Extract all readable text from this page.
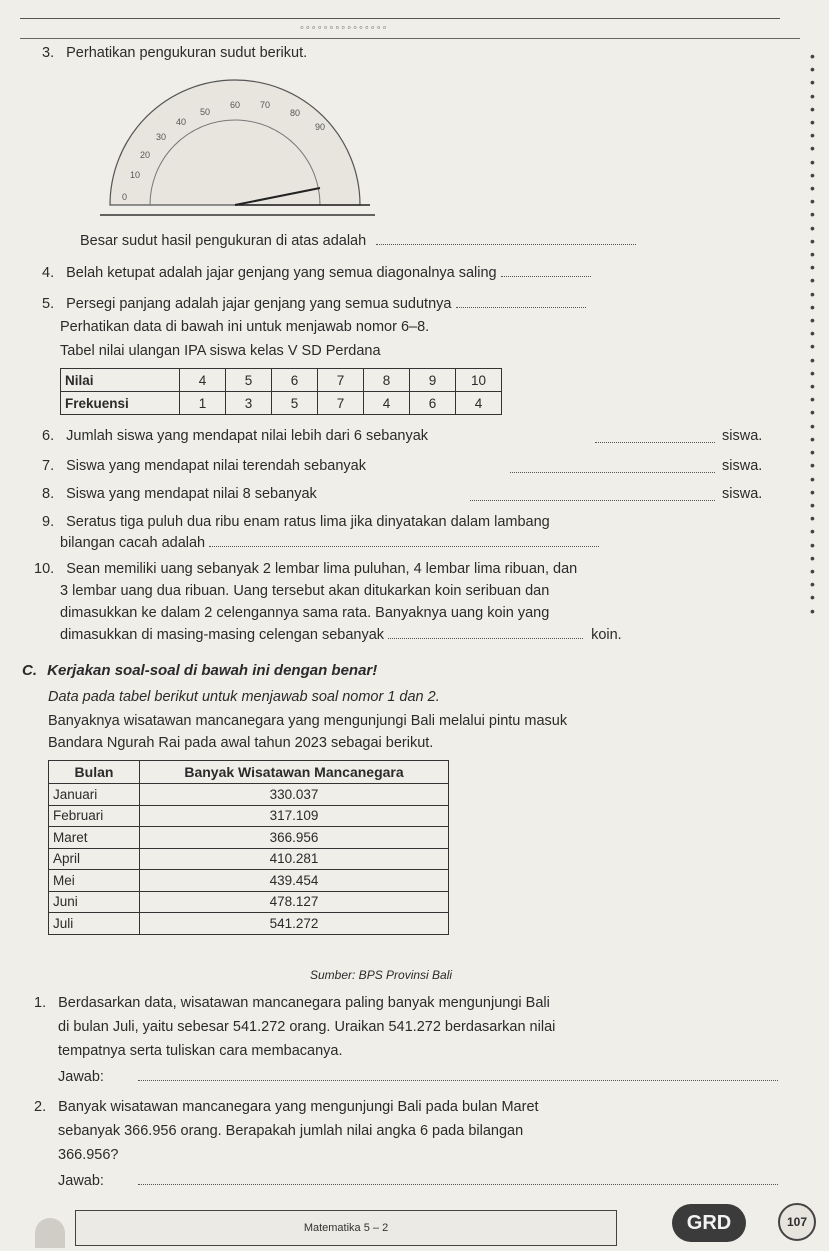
◦◦◦◦◦◦◦◦◦◦◦◦◦◦◦
•
•
•
•
•
•
•
•
•
•
•
•
•
•
•
•
•
•
•
•
•
•
•
•
•
•
•
•
•
•
•
•
•
•
•
•
•
•
•
•
•
•
•
3. Perhatikan pengukuran sudut berikut.
0
10
20
30
40
50
60 70
80
90
Besar sudut hasil pengukuran di atas adalah
4. Belah ketupat adalah jajar genjang yang semua diagonalnya saling
5. Persegi panjang adalah jajar genjang yang semua sudutnya
Perhatikan data di bawah ini untuk menjawab nomor 6–8.
Tabel nilai ulangan IPA siswa kelas V SD Perdana
Nilai	4	5	6	7	8	9	10
Frekuensi	1	3	5	7	4	6	4
6. Jumlah siswa yang mendapat nilai lebih dari 6 sebanyak	siswa.
7. Siswa yang mendapat nilai terendah sebanyak	siswa.
8. Siswa yang mendapat nilai 8 sebanyak	siswa.
9. Seratus tiga puluh dua ribu enam ratus lima jika dinyatakan dalam lambang
bilangan cacah adalah
10. Sean memiliki uang sebanyak 2 lembar lima puluhan, 4 lembar lima ribuan, dan
3 lembar uang dua ribuan. Uang tersebut akan ditukarkan koin seribuan dan
dimasukkan ke dalam 2 celengannya sama rata. Banyaknya uang koin yang
dimasukkan di masing-masing celengan sebanyak	koin.
C. Kerjakan soal-soal di bawah ini dengan benar!
Data pada tabel berikut untuk menjawab soal nomor 1 dan 2.
Banyaknya wisatawan mancanegara yang mengunjungi Bali melalui pintu masuk
Bandara Ngurah Rai pada awal tahun 2023 sebagai berikut.
Bulan	Banyak Wisatawan Mancanegara
Januari	330.037
Februari	317.109
Maret	366.956
April	410.281
Mei	439.454
Juni	478.127
Juli	541.272
Sumber: BPS Provinsi Bali
1. Berdasarkan data, wisatawan mancanegara paling banyak mengunjungi Bali
di bulan Juli, yaitu sebesar 541.272 orang. Uraikan 541.272 berdasarkan nilai
tempatnya serta tuliskan cara membacanya.
Jawab:
2. Banyak wisatawan mancanegara yang mengunjungi Bali pada bulan Maret
sebanyak 366.956 orang. Berapakah jumlah nilai angka 6 pada bilangan
366.956?
Jawab:
Matematika 5 – 2	GRD	107
